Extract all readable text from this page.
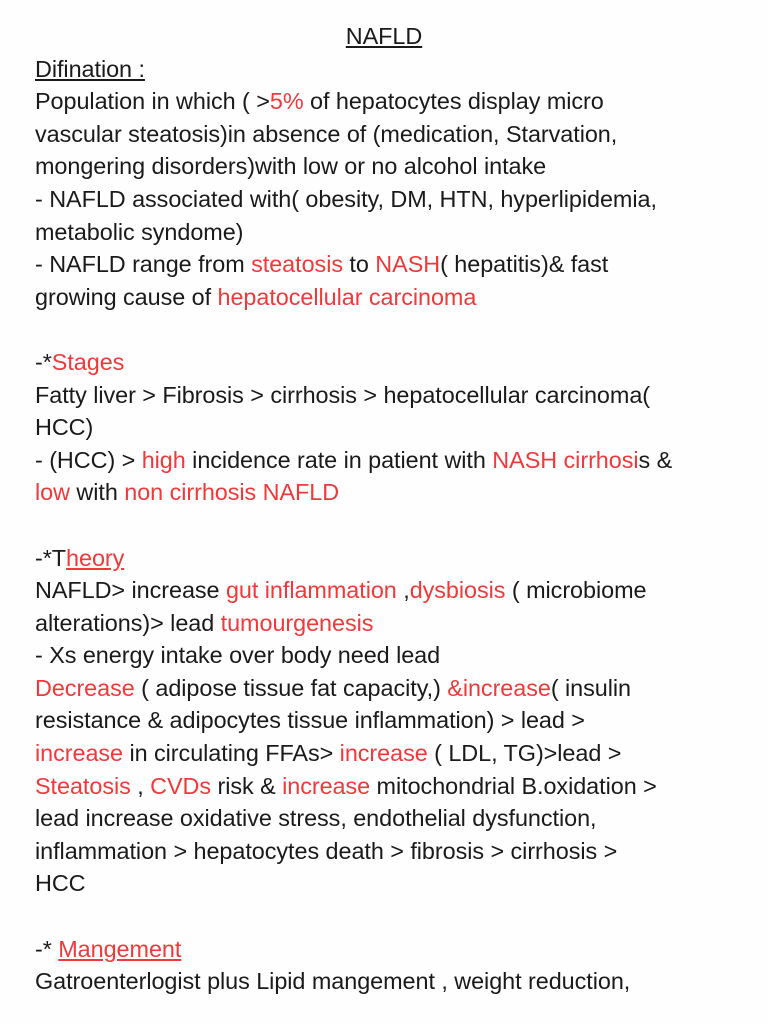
NAFLD
Difination :
Population in which ( >5% of hepatocytes display micro
vascular steatosis)in absence of (medication, Starvation,
mongering disorders)with low or no alcohol intake
- NAFLD associated with( obesity, DM, HTN, hyperlipidemia,
metabolic syndome)
- NAFLD range from steatosis to NASH( hepatitis)& fast
growing cause of hepatocellular carcinoma
-*Stages
Fatty liver > Fibrosis > cirrhosis > hepatocellular carcinoma(
HCC)
- (HCC) > high incidence rate in patient with NASH cirrhosis &
low with non cirrhosis NAFLD
-*Theory
NAFLD> increase gut inflammation ,dysbiosis ( microbiome
alterations)> lead tumourgenesis
- Xs energy intake over body need lead
Decrease ( adipose tissue fat capacity,) &increase( insulin
resistance & adipocytes tissue inflammation) > lead >
increase in circulating FFAs> increase ( LDL, TG)>lead >
Steatosis , CVDs risk & increase mitochondrial B.oxidation >
lead increase oxidative stress, endothelial dysfunction,
inflammation > hepatocytes death > fibrosis > cirrhosis >
HCC
-* Mangement
Gatroenterlogist plus Lipid mangement , weight reduction,
